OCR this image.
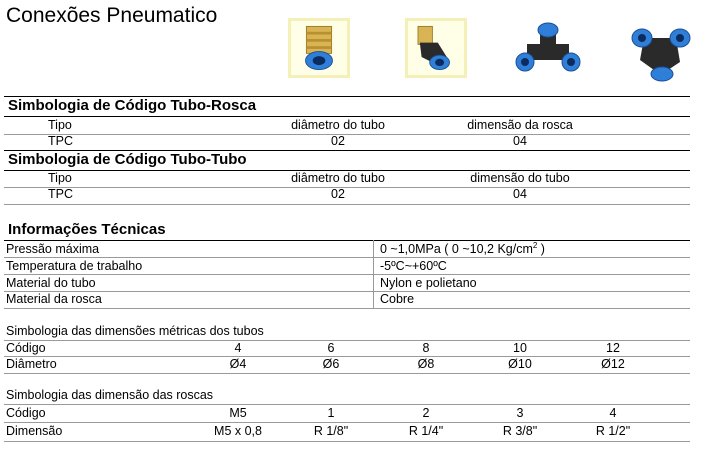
Conexões Pneumatico
Simbologia de Código Tubo-Rosca
Tipo	diâmetro do tubo	dimensão da rosca
TPC	02	04
Simbologia de Código Tubo-Tubo
Tipo	diâmetro do tubo	dimensão do tubo
TPC	02	04
Informações Técnicas
Pressão máxima	0 ~1,0MPa ( 0 ~10,2 $Kg/cm^2$ )
Temperatura de trabalho	-5ºC~+60ºC
Material do tubo	Nylon e polietano
Material da rosca	Cobre
Simbologia das dimensões métricas dos tubos
Código	4	6	8	10	12
Diâmetro	Ø4	Ø6	Ø8	Ø10	Ø12
Simbologia das dimensão das roscas
Código	M5	1	2	3	4
Dimensão	M5 x 0,8	R 1/8"	R 1/4"	R 3/8"	R 1/2"
